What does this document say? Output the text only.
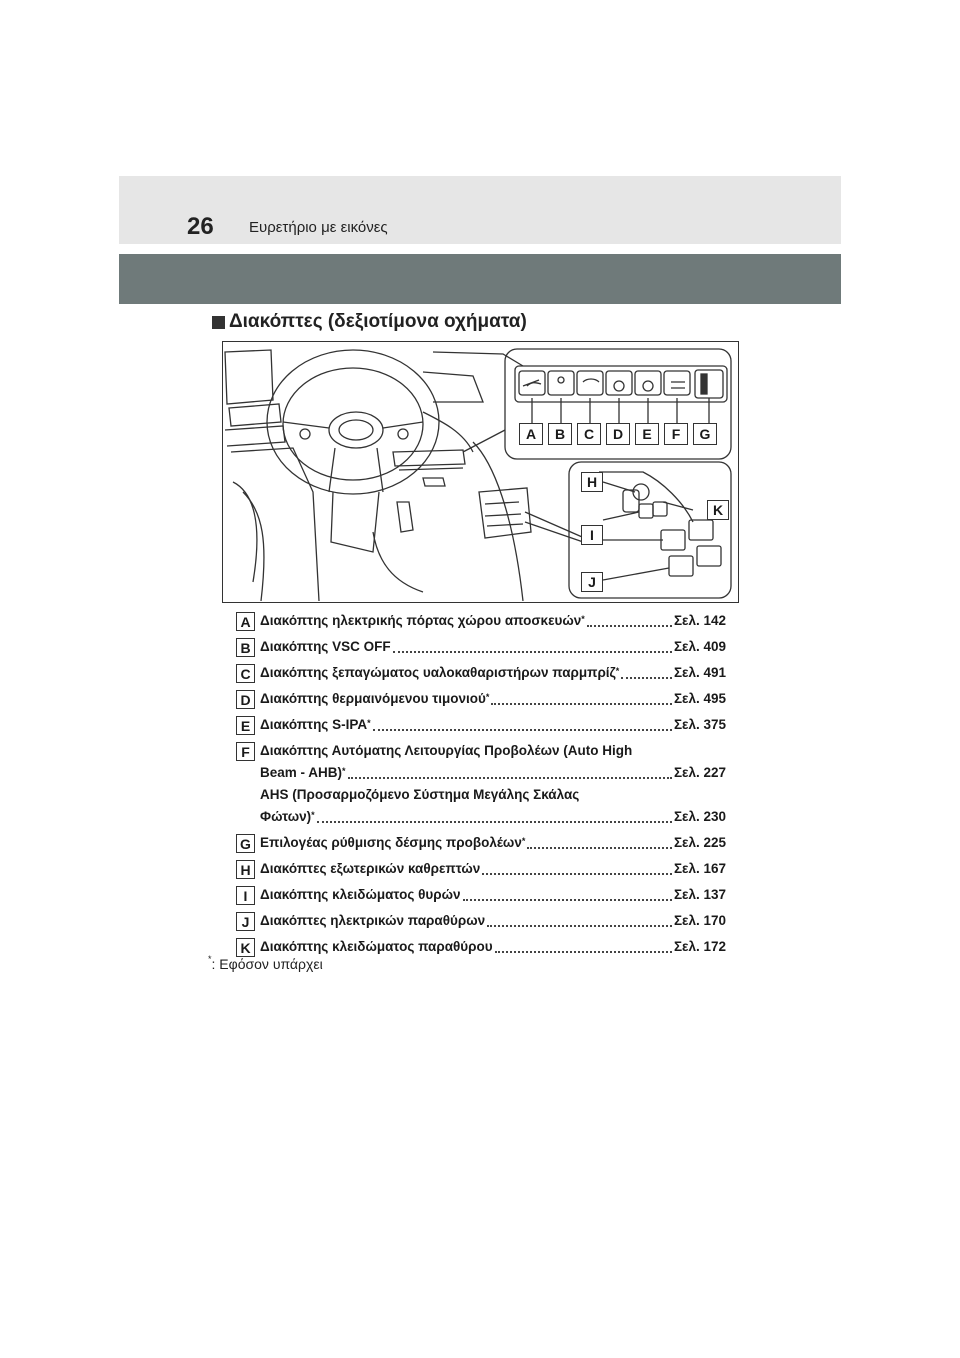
26 Ευρετήριο με εικόνες
Διακόπτες (δεξιοτίμονα οχήματα)
A	B	C	D	E	F	G
H
I
J
K
A Διακόπτης ηλεκτρικής πόρτας χώρου αποσκευών*	Σελ. 142
B Διακόπτης VSC OFF	Σελ. 409
C Διακόπτης ξεπαγώματος υαλοκαθαριστήρων παρμπρίζ*	Σελ. 491
D Διακόπτης θερμαινόμενου τιμονιού*	Σελ. 495
E Διακόπτης S-IPA*	Σελ. 375
F Διακόπτης Αυτόματης Λειτουργίας Προβολέων (Auto High
Beam - AHB)*	Σελ. 227
AHS (Προσαρμοζόμενο Σύστημα Μεγάλης Σκάλας
Φώτων)*	Σελ. 230
G Επιλογέας ρύθμισης δέσμης προβολέων*	Σελ. 225
H Διακόπτες εξωτερικών καθρεπτών	Σελ. 167
I Διακόπτης κλειδώματος θυρών	Σελ. 137
J Διακόπτες ηλεκτρικών παραθύρων	Σελ. 170
K Διακόπτης κλειδώματος παραθύρου	Σελ. 172
*: Εφόσον υπάρχει
